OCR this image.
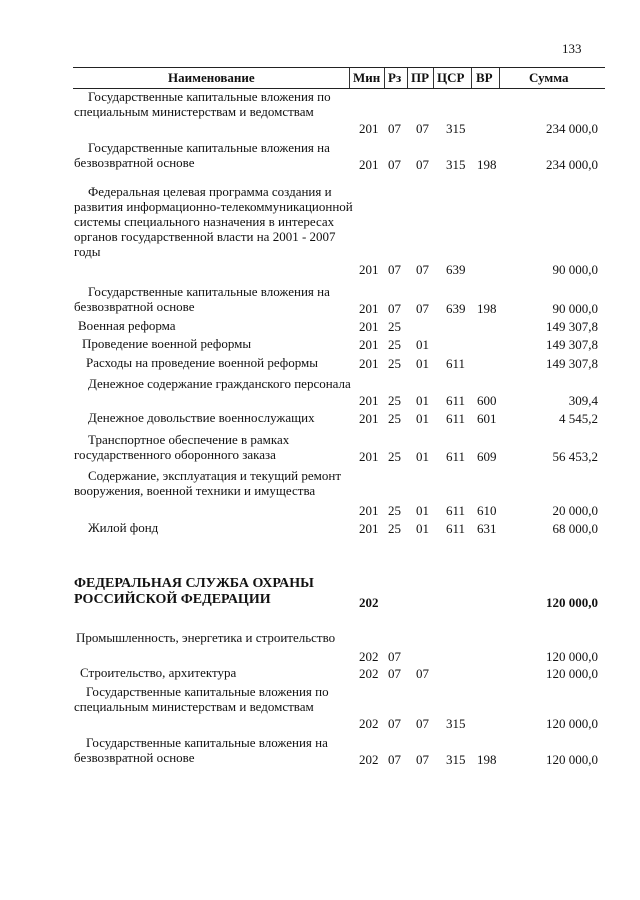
133
Наименование	Мин Рз ПР ЦСР ВР	Сумма
Государственные капитальные вложения по специальным министерствам и ведомствам
201 07 07 315	234 000,0
Государственные капитальные вложения на безвозвратной основе	201 07 07 315 198	234 000,0
Федеральная целевая программа создания и развития информационно-телекоммуникационной системы специального назначения в интересах органов государственной власти на 2001 - 2007 годы
201 07 07 639	90 000,0
Государственные капитальные вложения на безвозвратной основе	201 07 07 639 198	90 000,0
Военная реформа	201 25	149 307,8
Проведение военной реформы	201 25 01	149 307,8
Расходы на проведение военной реформы	201 25 01 611	149 307,8
Денежное содержание гражданского персонала
201 25 01 611 600	309,4
Денежное довольствие военнослужащих	201 25 01 611 601	4 545,2
Транспортное обеспечение в рамках государственного оборонного заказа	201 25 01 611 609	56 453,2
Содержание, эксплуатация и текущий ремонт вооружения, военной техники и имущества
201 25 01 611 610	20 000,0
Жилой фонд	201 25 01 611 631	68 000,0
ФЕДЕРАЛЬНАЯ СЛУЖБА ОХРАНЫ РОССИЙСКОЙ ФЕДЕРАЦИИ	202	120 000,0
Промышленность, энергетика и строительство
202 07	120 000,0
Строительство, архитектура	202 07 07	120 000,0
Государственные капитальные вложения по специальным министерствам и ведомствам
202 07 07 315	120 000,0
Государственные капитальные вложения на безвозвратной основе	202 07 07 315 198	120 000,0
